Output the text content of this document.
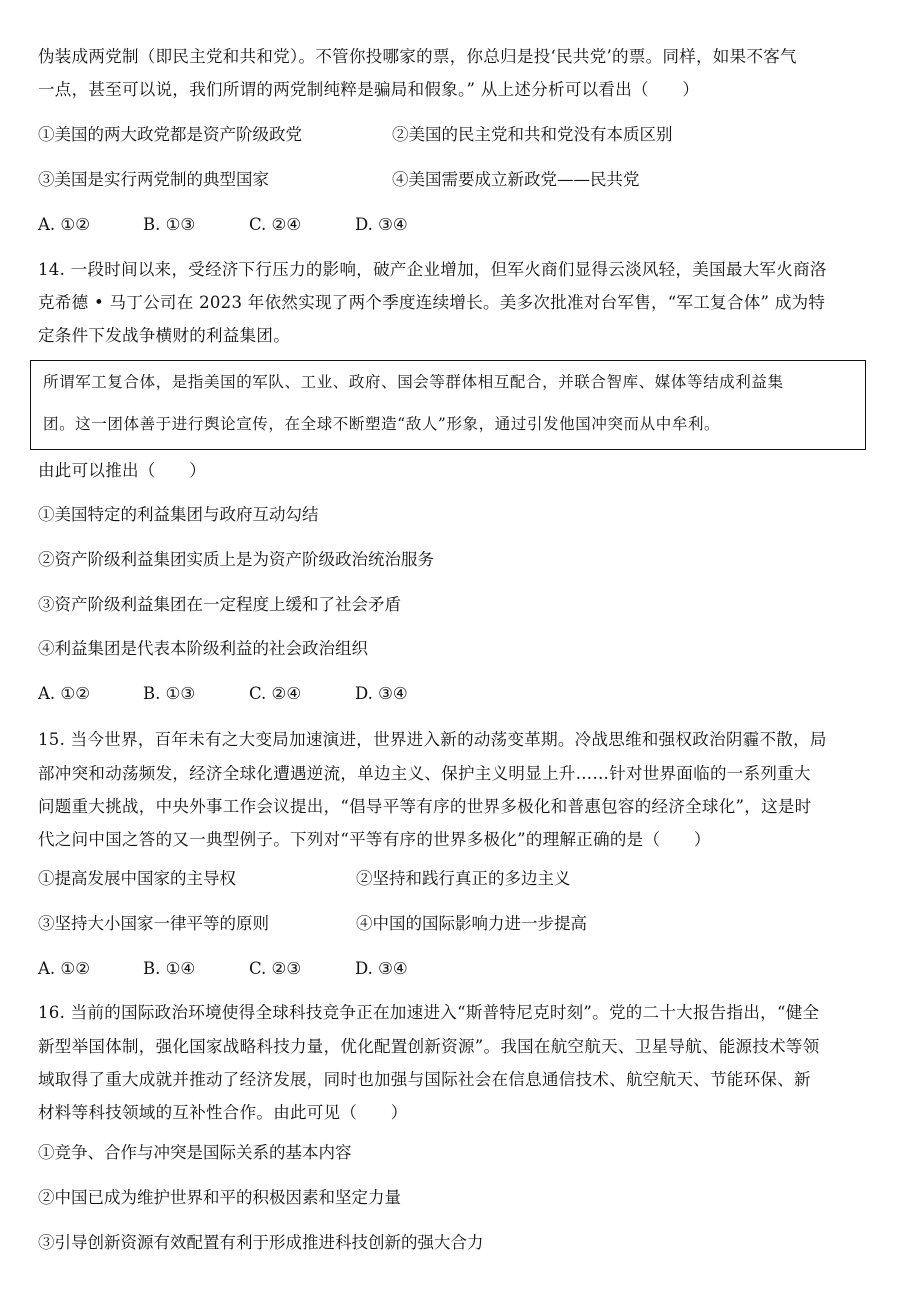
伪装成两党制（即民主党和共和党）。不管你投哪家的票，你总归是投‘民共党’的票。同样，如果不客气
一点，甚至可以说，我们所谓的两党制纯粹是骗局和假象。” 从上述分析可以看出（　　）
①美国的两大政党都是资产阶级政党	②美国的民主党和共和党没有本质区别
③美国是实行两党制的典型国家	④美国需要成立新政党——民共党
A. ①②	B. ①③	C. ②④	D. ③④
14. 一段时间以来，受经济下行压力的影响，破产企业增加，但军火商们显得云淡风轻，美国最大军火商洛
克希德 • 马丁公司在 2023 年依然实现了两个季度连续增长。美多次批准对台军售，“军工复合体” 成为特
定条件下发战争横财的利益集团。
所谓军工复合体，是指美国的军队、工业、政府、国会等群体相互配合，并联合智库、媒体等结成利益集
团。这一团体善于进行舆论宣传，在全球不断塑造“敌人”形象，通过引发他国冲突而从中牟利。
由此可以推出（　　）
①美国特定的利益集团与政府互动勾结
②资产阶级利益集团实质上是为资产阶级政治统治服务
③资产阶级利益集团在一定程度上缓和了社会矛盾
④利益集团是代表本阶级利益的社会政治组织
A. ①②	B. ①③	C. ②④	D. ③④
15. 当今世界，百年未有之大变局加速演进，世界进入新的动荡变革期。冷战思维和强权政治阴霾不散，局
部冲突和动荡频发，经济全球化遭遇逆流，单边主义、保护主义明显上升……针对世界面临的一系列重大
问题重大挑战，中央外事工作会议提出，“倡导平等有序的世界多极化和普惠包容的经济全球化”，这是时
代之问中国之答的又一典型例子。下列对“平等有序的世界多极化”的理解正确的是（　　）
①提高发展中国家的主导权	②坚持和践行真正的多边主义
③坚持大小国家一律平等的原则	④中国的国际影响力进一步提高
A. ①②	B. ①④	C. ②③	D. ③④
16. 当前的国际政治环境使得全球科技竞争正在加速进入“斯普特尼克时刻”。党的二十大报告指出，“健全
新型举国体制，强化国家战略科技力量，优化配置创新资源”。我国在航空航天、卫星导航、能源技术等领
域取得了重大成就并推动了经济发展，同时也加强与国际社会在信息通信技术、航空航天、节能环保、新
材料等科技领域的互补性合作。由此可见（　　）
①竞争、合作与冲突是国际关系的基本内容
②中国已成为维护世界和平的积极因素和坚定力量
③引导创新资源有效配置有利于形成推进科技创新的强大合力
